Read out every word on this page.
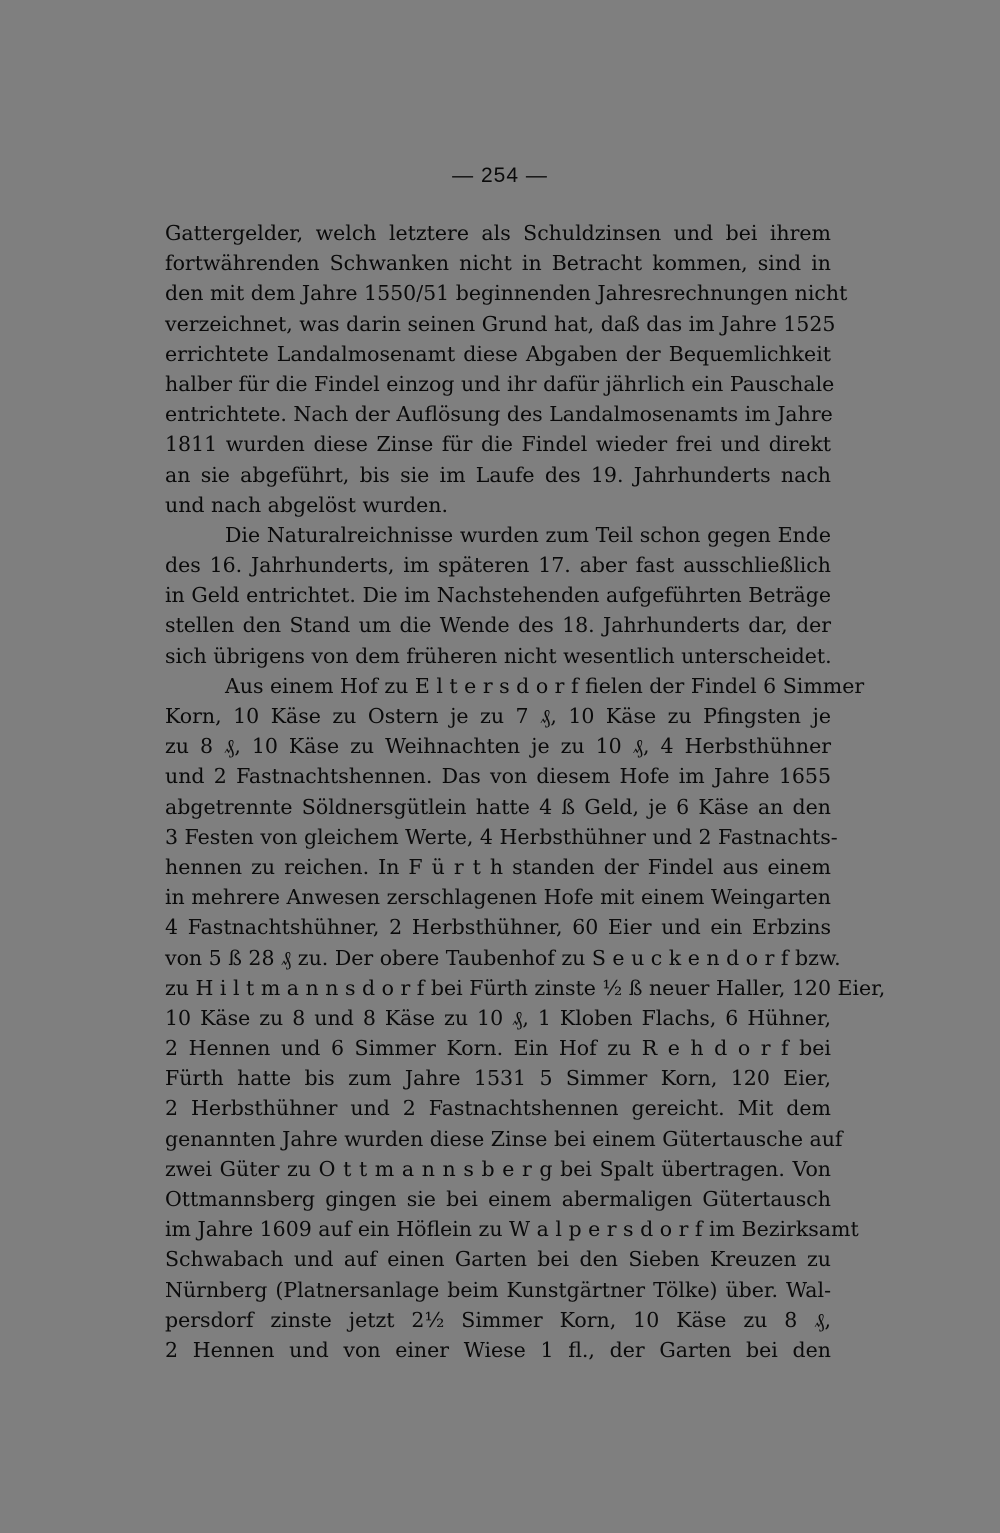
— 254 —
Gattergelder, welch letztere als Schuldzinsen und bei ihrem
fortwährenden Schwanken nicht in Betracht kommen, sind in
den mit dem Jahre 1550/51 beginnenden Jahresrechnungen nicht
verzeichnet, was darin seinen Grund hat, daß das im Jahre 1525
errichtete Landalmosenamt diese Abgaben der Bequemlichkeit
halber für die Findel einzog und ihr dafür jährlich ein Pauschale
entrichtete. Nach der Auflösung des Landalmosenamts im Jahre
1811 wurden diese Zinse für die Findel wieder frei und direkt
an sie abgeführt, bis sie im Laufe des 19. Jahrhunderts nach
und nach abgelöst wurden.
Die Naturalreichnisse wurden zum Teil schon gegen Ende
des 16. Jahrhunderts, im späteren 17. aber fast ausschließlich
in Geld entrichtet. Die im Nachstehenden aufgeführten Beträge
stellen den Stand um die Wende des 18. Jahrhunderts dar, der
sich übrigens von dem früheren nicht wesentlich unterscheidet.
Aus einem Hof zu E l t e r s d o r f fielen der Findel 6 Simmer
Korn, 10 Käse zu Ostern je zu 7 ₰, 10 Käse zu Pfingsten je
zu 8 ₰, 10 Käse zu Weihnachten je zu 10 ₰, 4 Herbsthühner
und 2 Fastnachtshennen. Das von diesem Hofe im Jahre 1655
abgetrennte Söldnersgütlein hatte 4 ß Geld, je 6 Käse an den
3 Festen von gleichem Werte, 4 Herbsthühner und 2 Fastnachts-
hennen zu reichen. In F ü r t h standen der Findel aus einem
in mehrere Anwesen zerschlagenen Hofe mit einem Weingarten
4 Fastnachtshühner, 2 Herbsthühner, 60 Eier und ein Erbzins
von 5 ß 28 ₰ zu. Der obere Taubenhof zu S e u c k e n d o r f bzw.
zu H i l t m a n n s d o r f bei Fürth zinste ½ ß neuer Haller, 120 Eier,
10 Käse zu 8 und 8 Käse zu 10 ₰, 1 Kloben Flachs, 6 Hühner,
2 Hennen und 6 Simmer Korn. Ein Hof zu R e h d o r f bei
Fürth hatte bis zum Jahre 1531 5 Simmer Korn, 120 Eier,
2 Herbsthühner und 2 Fastnachtshennen gereicht. Mit dem
genannten Jahre wurden diese Zinse bei einem Gütertausche auf
zwei Güter zu O t t m a n n s b e r g bei Spalt übertragen. Von
Ottmannsberg gingen sie bei einem abermaligen Gütertausch
im Jahre 1609 auf ein Höflein zu W a l p e r s d o r f im Bezirksamt
Schwabach und auf einen Garten bei den Sieben Kreuzen zu
Nürnberg (Platnersanlage beim Kunstgärtner Tölke) über. Wal-
persdorf zinste jetzt 2½ Simmer Korn, 10 Käse zu 8 ₰,
2 Hennen und von einer Wiese 1 fl., der Garten bei den
